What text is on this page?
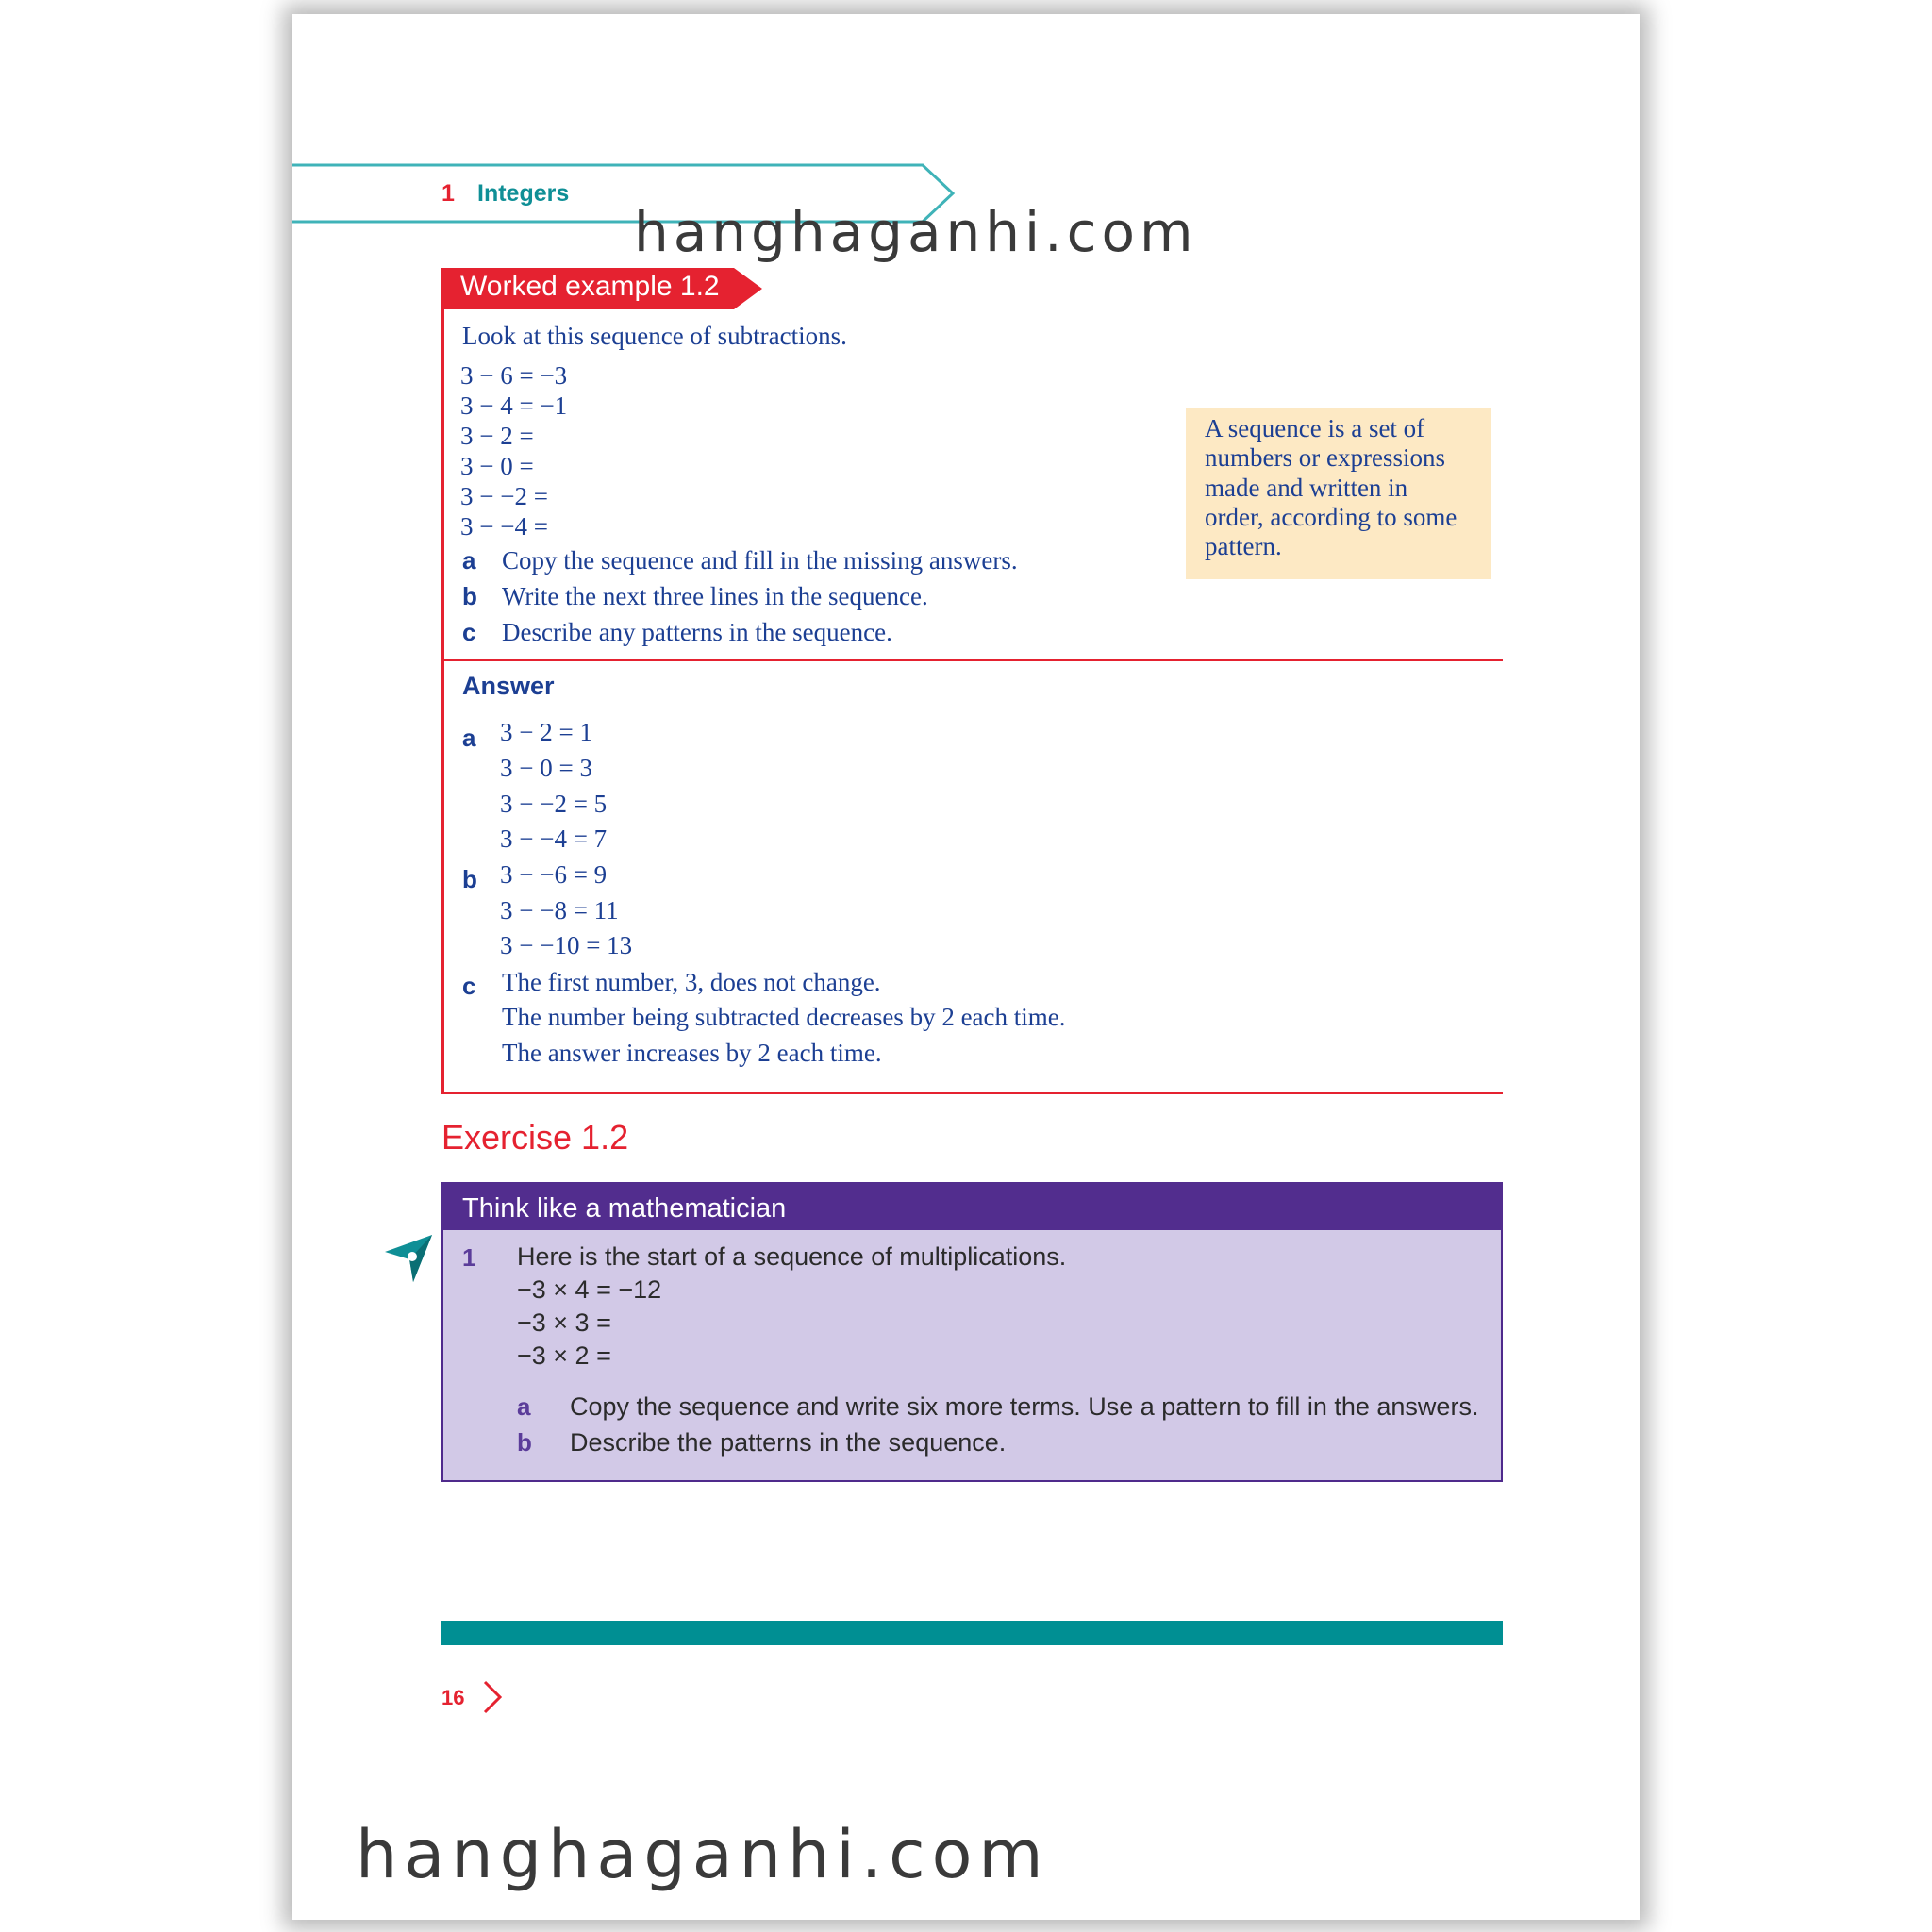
1 Integers
Worked example 1.2
Look at this sequence of subtractions.
3 − 6 = −3
3 − 4 = −1
3 − 2 =
3 − 0 =
3 − −2 =
3 − −4 =
a Copy the sequence and fill in the missing answers.
b Write the next three lines in the sequence.
c Describe any patterns in the sequence.
A sequence is a set of
numbers or expressions
made and written in
order, according to some
pattern.
Answer
a 3 − 2 = 1
3 − 0 = 3
3 − −2 = 5
3 − −4 = 7
b 3 − −6 = 9
3 − −8 = 11
3 − −10 = 13
c The first number, 3, does not change.
The number being subtracted decreases by 2 each time.
The answer increases by 2 each time.
Exercise 1.2
Think like a mathematician
1 Here is the start of a sequence of multiplications.
−3 × 4 = −12
−3 × 3 =
−3 × 2 =
a Copy the sequence and write six more terms. Use a pattern to fill in the answers.
b Describe the patterns in the sequence.
16
hanghaganhi.com
hanghaganhi.com
